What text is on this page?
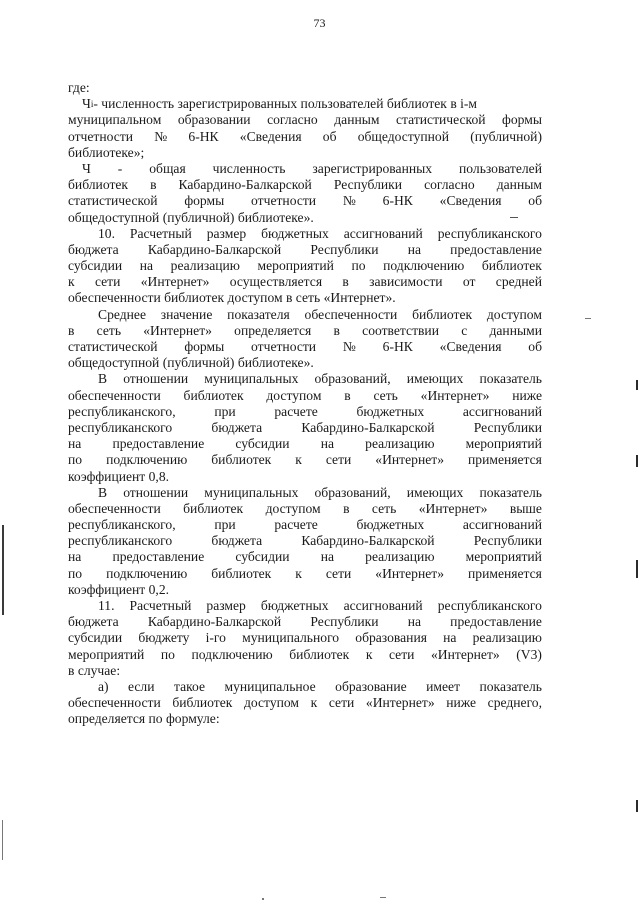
73
где:
Ч i - численность зарегистрированных пользователей библиотек в i-м
муниципальном образовании согласно данным статистической формы
отчетности № 6-НК «Сведения об общедоступной (публичной)
библиотеке»;
Ч - общая численность зарегистрированных пользователей
библиотек в Кабардино-Балкарской Республики согласно данным
статистической формы отчетности № 6-НК «Сведения об
общедоступной (публичной) библиотеке».
10. Расчетный размер бюджетных ассигнований республиканского
бюджета Кабардино-Балкарской Республики на предоставление
субсидии на реализацию мероприятий по подключению библиотек
к сети «Интернет» осуществляется в зависимости от средней
обеспеченности библиотек доступом в сеть «Интернет».
Среднее значение показателя обеспеченности библиотек доступом
в сеть «Интернет» определяется в соответствии с данными
статистической формы отчетности № 6-НК «Сведения об
общедоступной (публичной) библиотеке».
В отношении муниципальных образований, имеющих показатель
обеспеченности библиотек доступом в сеть «Интернет» ниже
республиканского,	при	расчете	бюджетных	ассигнований
республиканского	бюджета	Кабардино-Балкарской	Республики
на предоставление субсидии на реализацию мероприятий
по подключению библиотек к сети «Интернет» применяется
коэффициент 0,8.
В отношении муниципальных образований, имеющих показатель
обеспеченности библиотек доступом в сеть «Интернет» выше
республиканского,	при	расчете	бюджетных	ассигнований
республиканского	бюджета	Кабардино-Балкарской	Республики
на предоставление субсидии на реализацию мероприятий
по подключению библиотек к сети «Интернет» применяется
коэффициент 0,2.
11. Расчетный размер бюджетных ассигнований республиканского
бюджета Кабардино-Балкарской Республики на предоставление
субсидии бюджету i-го муниципального образования на реализацию
мероприятий по подключению библиотек к сети «Интернет» (V3)
в случае:
а) если такое муниципальное образование имеет показатель
обеспеченности библиотек доступом к сети «Интернет» ниже среднего,
определяется по формуле:
